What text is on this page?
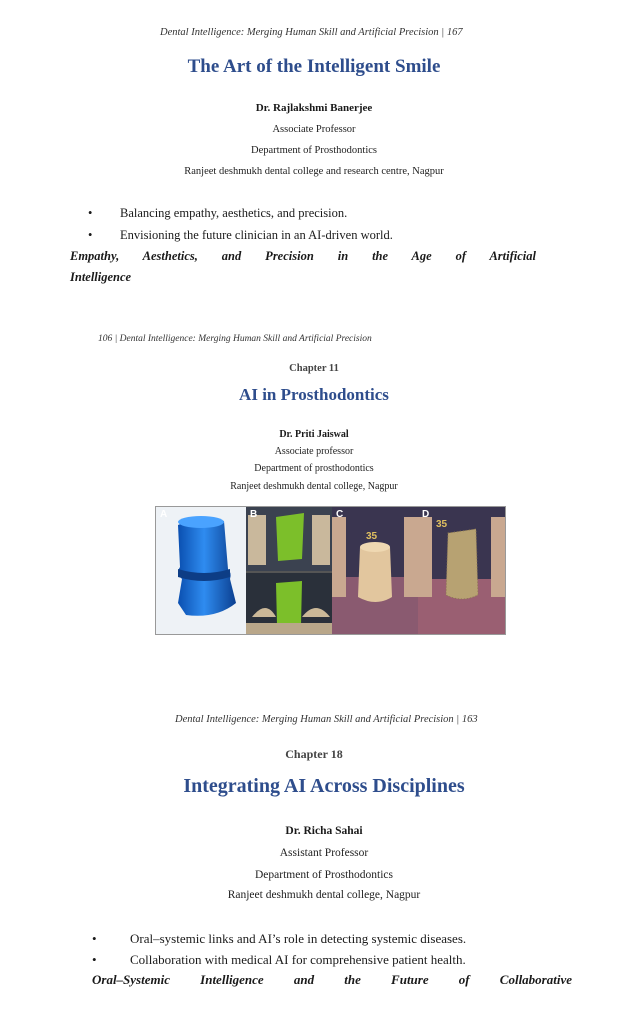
Dental Intelligence: Merging Human Skill and Artificial Precision | 167
The Art of the Intelligent Smile
Dr. Rajlakshmi Banerjee
Associate Professor
Department of Prosthodontics
Ranjeet deshmukh dental college and research centre, Nagpur
• Balancing empathy, aesthetics, and precision.
• Envisioning the future clinician in an AI-driven world.
Empathy, Aesthetics, and Precision in the Age of Artificial
Intelligence
106 | Dental Intelligence: Merging Human Skill and Artificial Precision
Chapter 11
AI in Prosthodontics
Dr. Priti Jaiswal
Associate professor
Department of prosthodontics
Ranjeet deshmukh dental college, Nagpur
A	B	C
35
D
35
Dental Intelligence: Merging Human Skill and Artificial Precision | 163
Chapter 18
Integrating AI Across Disciplines
Dr. Richa Sahai
Assistant Professor
Department of Prosthodontics
Ranjeet deshmukh dental college, Nagpur
•	Oral–systemic links and AI’s role in detecting systemic diseases.
•	Collaboration with medical AI for comprehensive patient health.
Oral–Systemic Intelligence and the Future of Collaborative
